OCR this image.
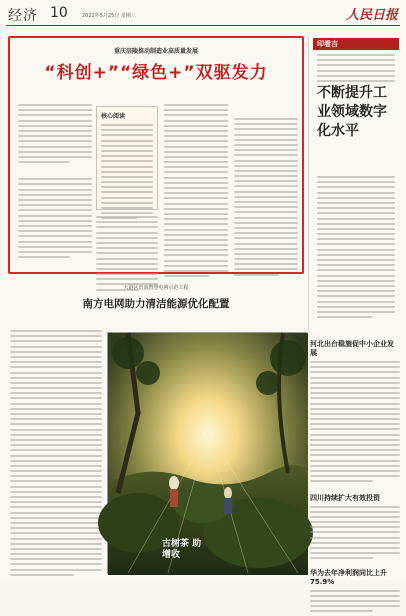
经济 10	2022年5月25日 星期三	人民日报
重庆涪陵推动制造业高质量发展
“科创+”“绿色+”双驱发力

核心阅读

印看吉
不断提升工业领域数字化水平
大港区直流智慧电网示范工程
南方电网助力清洁能源优化配置
古树茶 助增收
河北出台稳施促中小企业发展
四川持续扩大有效投资
华为去年净利润同比上升75.9%
